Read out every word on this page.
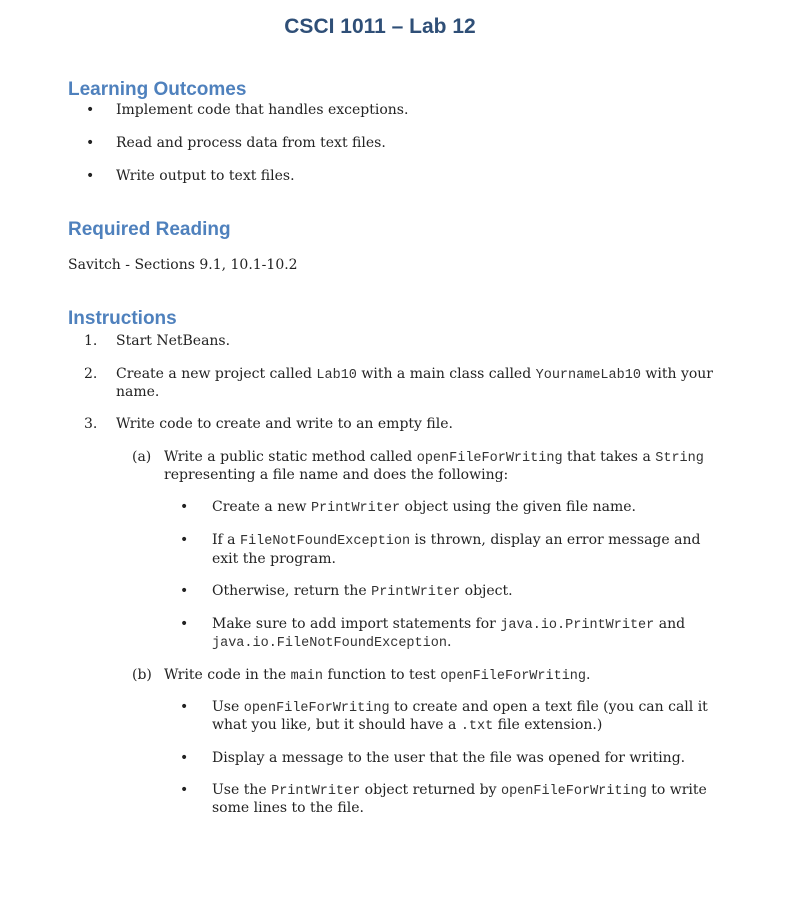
CSCI 1011 – Lab 12
Learning Outcomes
• Implement code that handles exceptions.
• Read and process data from text files.
• Write output to text files.
Required Reading
Savitch - Sections 9.1, 10.1-10.2
Instructions
1. Start NetBeans.
2. Create a new project called Lab10 with a main class called YournameLab10 with your
name.
3. Write code to create and write to an empty file.
(a) Write a public static method called openFileForWriting that takes a String
representing a file name and does the following:
• Create a new PrintWriter object using the given file name.
• If a FileNotFoundException is thrown, display an error message and
exit the program.
• Otherwise, return the PrintWriter object.
• Make sure to add import statements for java.io.PrintWriter and
java.io.FileNotFoundException.
(b) Write code in the main function to test openFileForWriting.
• Use openFileForWriting to create and open a text file (you can call it
what you like, but it should have a .txt file extension.)
• Display a message to the user that the file was opened for writing.
• Use the PrintWriter object returned by openFileForWriting to write
some lines to the file.
